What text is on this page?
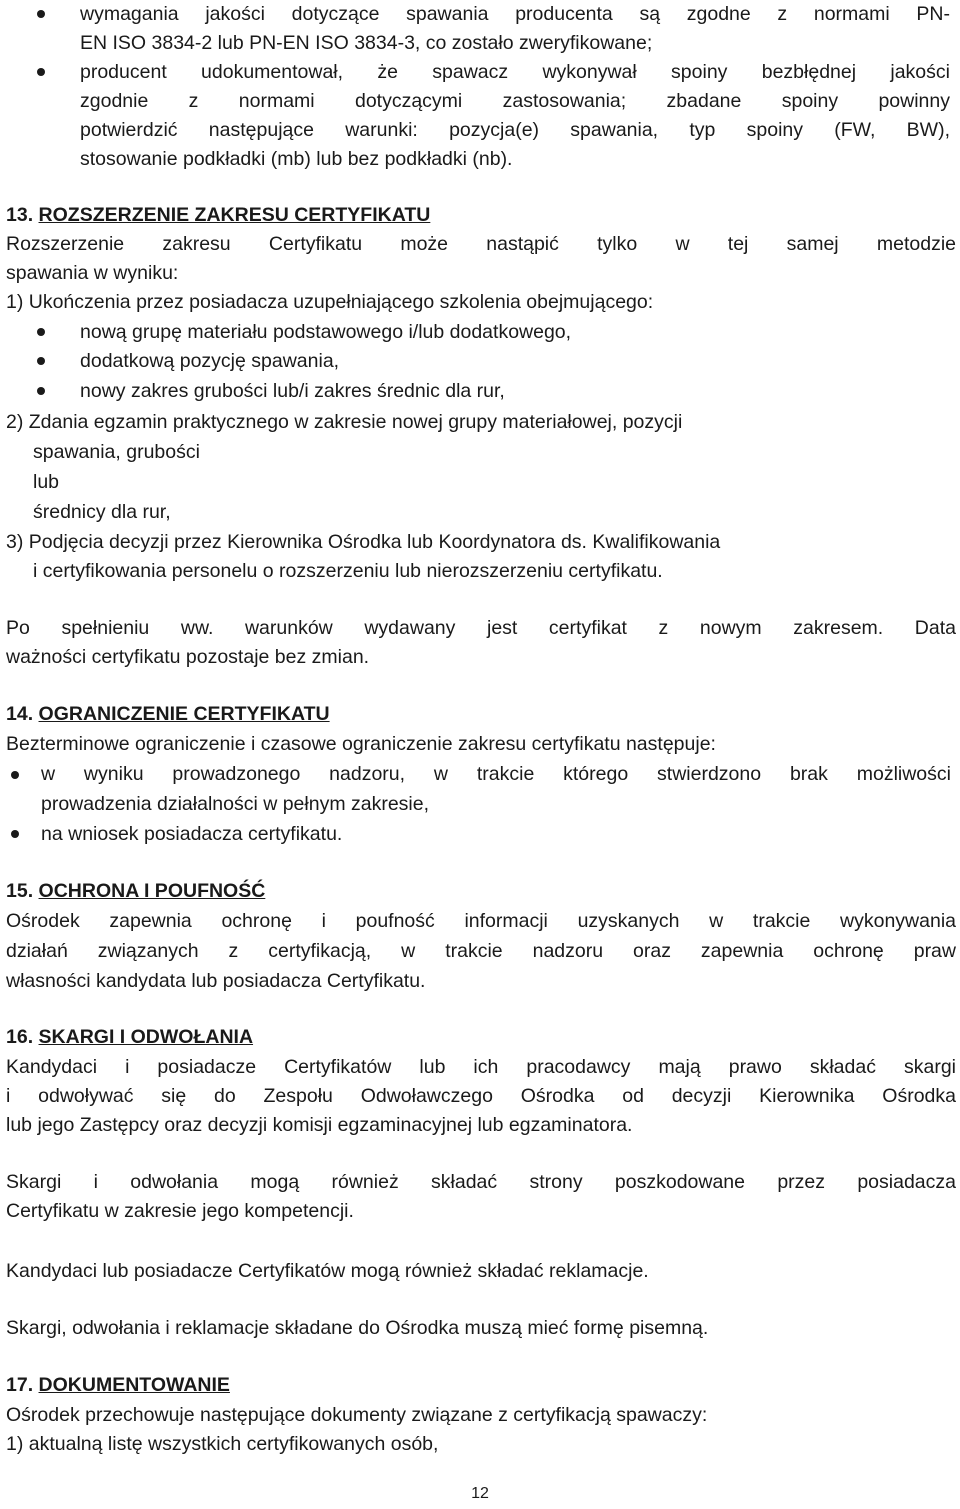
wymagania jakości dotyczące spawania producenta są zgodne z normami PN-
EN ISO 3834-2 lub PN-EN ISO 3834-3, co zostało zweryfikowane;
producent udokumentował, że spawacz wykonywał spoiny bezbłędnej jakości
zgodnie z normami dotyczącymi zastosowania; zbadane spoiny powinny
potwierdzić następujące warunki: pozycja(e) spawania, typ spoiny (FW, BW),
stosowanie podkładki (mb) lub bez podkładki (nb).
13. ROZSZERZENIE ZAKRESU CERTYFIKATU
Rozszerzenie zakresu Certyfikatu może nastąpić tylko w tej samej metodzie
spawania w wyniku:
1) Ukończenia przez posiadacza uzupełniającego szkolenia obejmującego:
nową grupę materiału podstawowego i/lub dodatkowego,
dodatkową pozycję spawania,
nowy zakres grubości lub/i zakres średnic dla rur,
2) Zdania egzamin praktycznego w zakresie nowej grupy materiałowej, pozycji
spawania, grubości
lub
średnicy dla rur,
3) Podjęcia decyzji przez Kierownika Ośrodka lub Koordynatora ds. Kwalifikowania
i certyfikowania personelu o rozszerzeniu lub nierozszerzeniu certyfikatu.
Po spełnieniu ww. warunków wydawany jest certyfikat z nowym zakresem. Data
ważności certyfikatu pozostaje bez zmian.
14. OGRANICZENIE CERTYFIKATU
Bezterminowe ograniczenie i czasowe ograniczenie zakresu certyfikatu następuje:
w wyniku prowadzonego nadzoru, w trakcie którego stwierdzono brak możliwości
prowadzenia działalności w pełnym zakresie,
na wniosek posiadacza certyfikatu.
15. OCHRONA I POUFNOŚĆ
Ośrodek zapewnia ochronę i poufność informacji uzyskanych w trakcie wykonywania
działań związanych z certyfikacją, w trakcie nadzoru oraz zapewnia ochronę praw
własności kandydata lub posiadacza Certyfikatu.
16. SKARGI I ODWOŁANIA
Kandydaci i posiadacze Certyfikatów lub ich pracodawcy mają prawo składać skargi
i odwoływać się do Zespołu Odwoławczego Ośrodka od decyzji Kierownika Ośrodka
lub jego Zastępcy oraz decyzji komisji egzaminacyjnej lub egzaminatora.
Skargi i odwołania mogą również składać strony poszkodowane przez posiadacza
Certyfikatu w zakresie jego kompetencji.
Kandydaci lub posiadacze Certyfikatów mogą również składać reklamacje.
Skargi, odwołania i reklamacje składane do Ośrodka muszą mieć formę pisemną.
17. DOKUMENTOWANIE
Ośrodek przechowuje następujące dokumenty związane z certyfikacją spawaczy:
1) aktualną listę wszystkich certyfikowanych osób,
12
